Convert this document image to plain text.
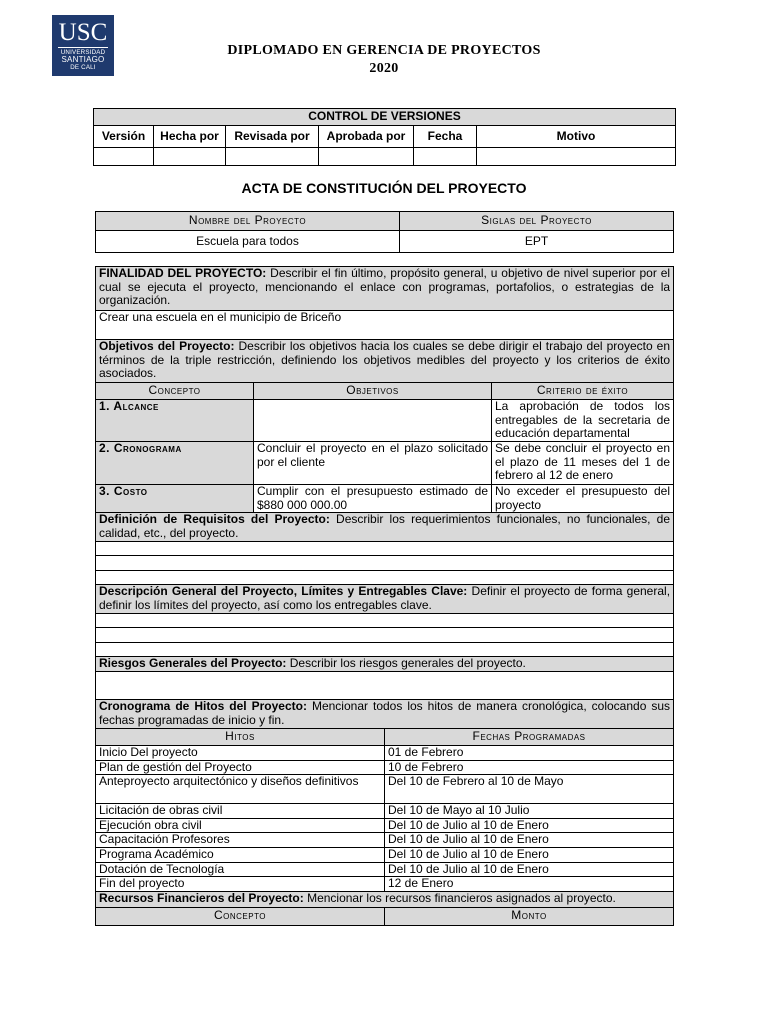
USC
UNIVERSIDAD
SANTIAGO
DE CALI
DIPLOMADO EN GERENCIA DE PROYECTOS
2020
CONTROL DE VERSIONES					
Versión	Hecha por	Revisada por	Aprobada por	Fecha	Motivo

ACTA DE CONSTITUCIÓN DEL PROYECTO
Nombre del Proyecto	Siglas del Proyecto
Escuela para todos	EPT
FINALIDAD DEL PROYECTO: Describir el fin último, propósito general, u objetivo de nivel superior por el cual se ejecuta el proyecto, mencionando el enlace con programas, portafolios, o estrategias de la organización.			
Crear una escuela en el municipio de Briceño			
Objetivos del Proyecto: Describir los objetivos hacia los cuales se debe dirigir el trabajo del proyecto en términos de la triple restricción, definiendo los objetivos medibles del proyecto y los criterios de éxito asociados.			
Concepto	Objetivos		Criterio de éxito
1. Alcance			La aprobación de todos los entregables de la secretaria de educación departamental
2. Cronograma	Concluir el proyecto en el plazo solicitado por el cliente		Se debe concluir el proyecto en el plazo de 11 meses del 1 de febrero al 12 de enero
3. Costo	Cumplir con el presupuesto estimado de $880 000 000.00		No exceder el presupuesto del proyecto
Definición de Requisitos del Proyecto: Describir los requerimientos funcionales, no funcionales, de calidad, etc., del proyecto.			

Descripción General del Proyecto, Límites y Entregables Clave: Definir el proyecto de forma general, definir los límites del proyecto, así como los entregables clave.			

Riesgos Generales del Proyecto: Describir los riesgos generales del proyecto.			

Cronograma de Hitos del Proyecto: Mencionar todos los hitos de manera cronológica, colocando sus fechas programadas de inicio y fin.			
Hitos		Fechas Programadas	
Inicio Del proyecto		01 de Febrero	
Plan de gestión del Proyecto		10 de Febrero	
Anteproyecto arquitectónico y diseños definitivos		Del 10 de Febrero al 10 de Mayo	
Licitación de obras civil		Del 10 de Mayo al 10 Julio	
Ejecución obra civil		Del 10 de Julio al 10 de Enero	
Capacitación Profesores		Del 10 de Julio al 10 de Enero	
Programa Académico		Del 10 de Julio al 10 de Enero	
Dotación de Tecnología		Del 10 de Julio al 10 de Enero	
Fin del proyecto		12 de Enero	
Recursos Financieros del Proyecto: Mencionar los recursos financieros asignados al proyecto.			
Concepto		Monto	
